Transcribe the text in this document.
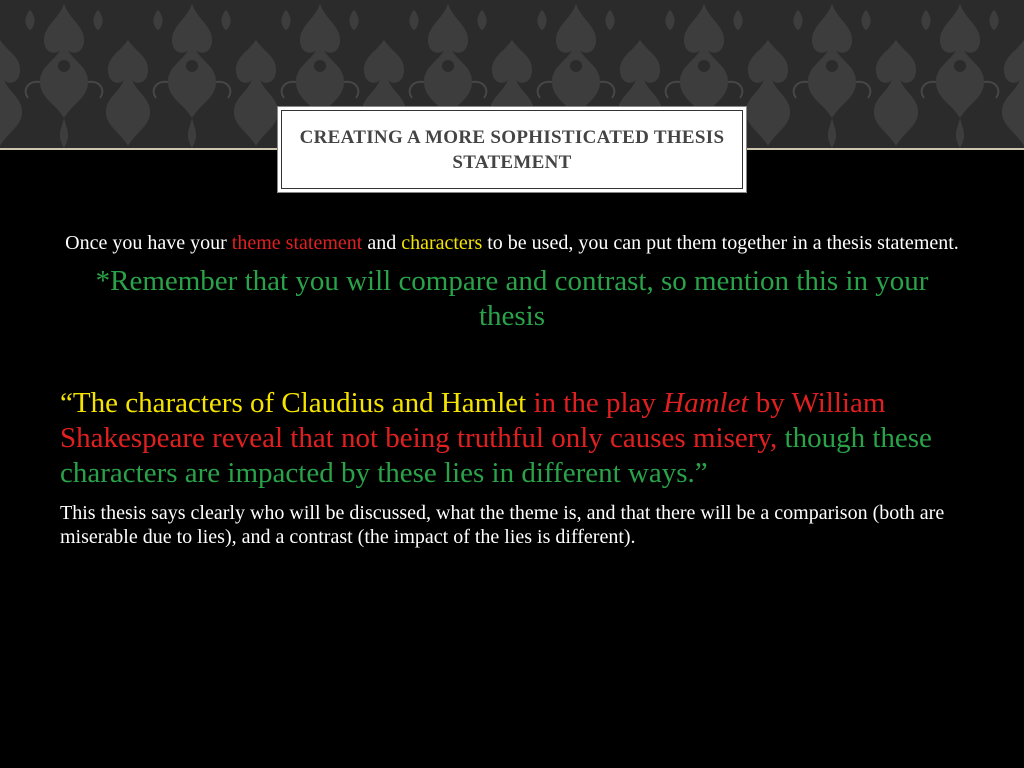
CREATING A MORE SOPHISTICATED THESIS STATEMENT

Once you have your theme statement and characters to be used, you can put them together in a thesis statement.

*Remember that you will compare and contrast, so mention this in your thesis

“The characters of Claudius and Hamlet in the play Hamlet by William Shakespeare reveal that not being truthful only causes misery, though these characters are impacted by these lies in different ways.”

This thesis says clearly who will be discussed, what the theme is, and that there will be a comparison (both are miserable due to lies), and a contrast (the impact of the lies is different).
